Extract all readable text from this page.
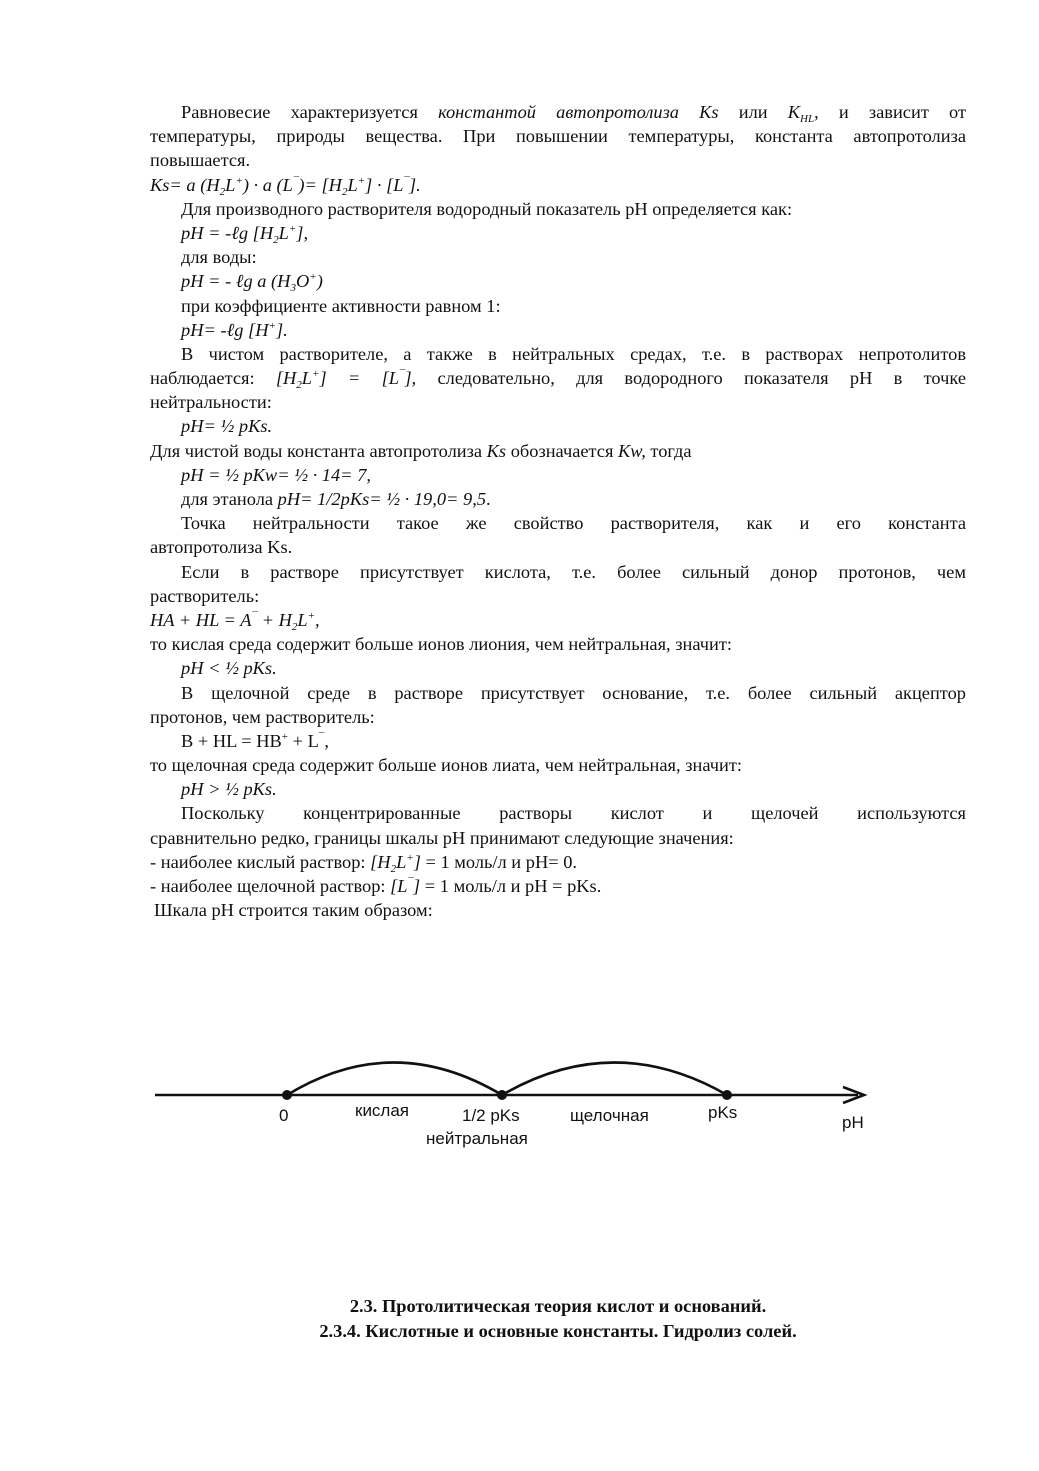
Равновесие характеризуется константой автопротолиза Ks или $K_{HL}$, и зависит от
температуры, природы вещества. При повышении температуры, константа автопротолиза
повышается.
Ks= a $(H_2L^+) \cdot a$ $(L^¯)= [H_2L^+] \cdot [L^¯]$.
Для производного растворителя водородный показатель рН определяется как:
pH = -ℓg $[H_2L^+]$,
для воды:
pH = - ℓg a $(H_3O^+)$
при коэффициенте активности равном 1:
pH= -ℓg [H+].
В чистом растворителе, а также в нейтральных средах, т.е. в растворах непротолитов
наблюдается: $[H_2L^+] = [L^¯]$, следовательно, для водородного показателя рН в точке
нейтральности:
pH= ½ pKs.
Для чистой воды константа автопротолиза Ks обозначается Kw, тогда
pH = ½ pKw= ½ · 14= 7,
для этанола pH= 1/2pKs= ½ · 19,0= 9,5.
Точка нейтральности такое же свойство растворителя, как и его константа
автопротолиза Ks.
Если в растворе присутствует кислота, т.е. более сильный донор протонов, чем
растворитель:
HA + HL = $A^¯ + H_2L^+$,
то кислая среда содержит больше ионов лиония, чем нейтральная, значит:
pH < ½ pKs.
В щелочной среде в растворе присутствует основание, т.е. более сильный акцептор
протонов, чем растворитель:
B + HL = HB+ + L¯,
то щелочная среда содержит больше ионов лиата, чем нейтральная, значит:
pH > ½ pKs.
Поскольку концентрированные растворы кислот и щелочей используются
сравнительно редко, границы шкалы рН принимают следующие значения:
- наиболее кислый раствор: $[H_2L^+] = 1$ моль/л и рН= 0.
- наиболее щелочной раствор: [L¯] = 1 моль/л и рН = pKs.
Шкала рН строится таким образом:
0	кислая	1/2 pKs
нейтральная
щелочная	pKs
pH
2.3. Протолитическая теория кислот и оснований.
2.3.4. Кислотные и основные константы. Гидролиз солей.
